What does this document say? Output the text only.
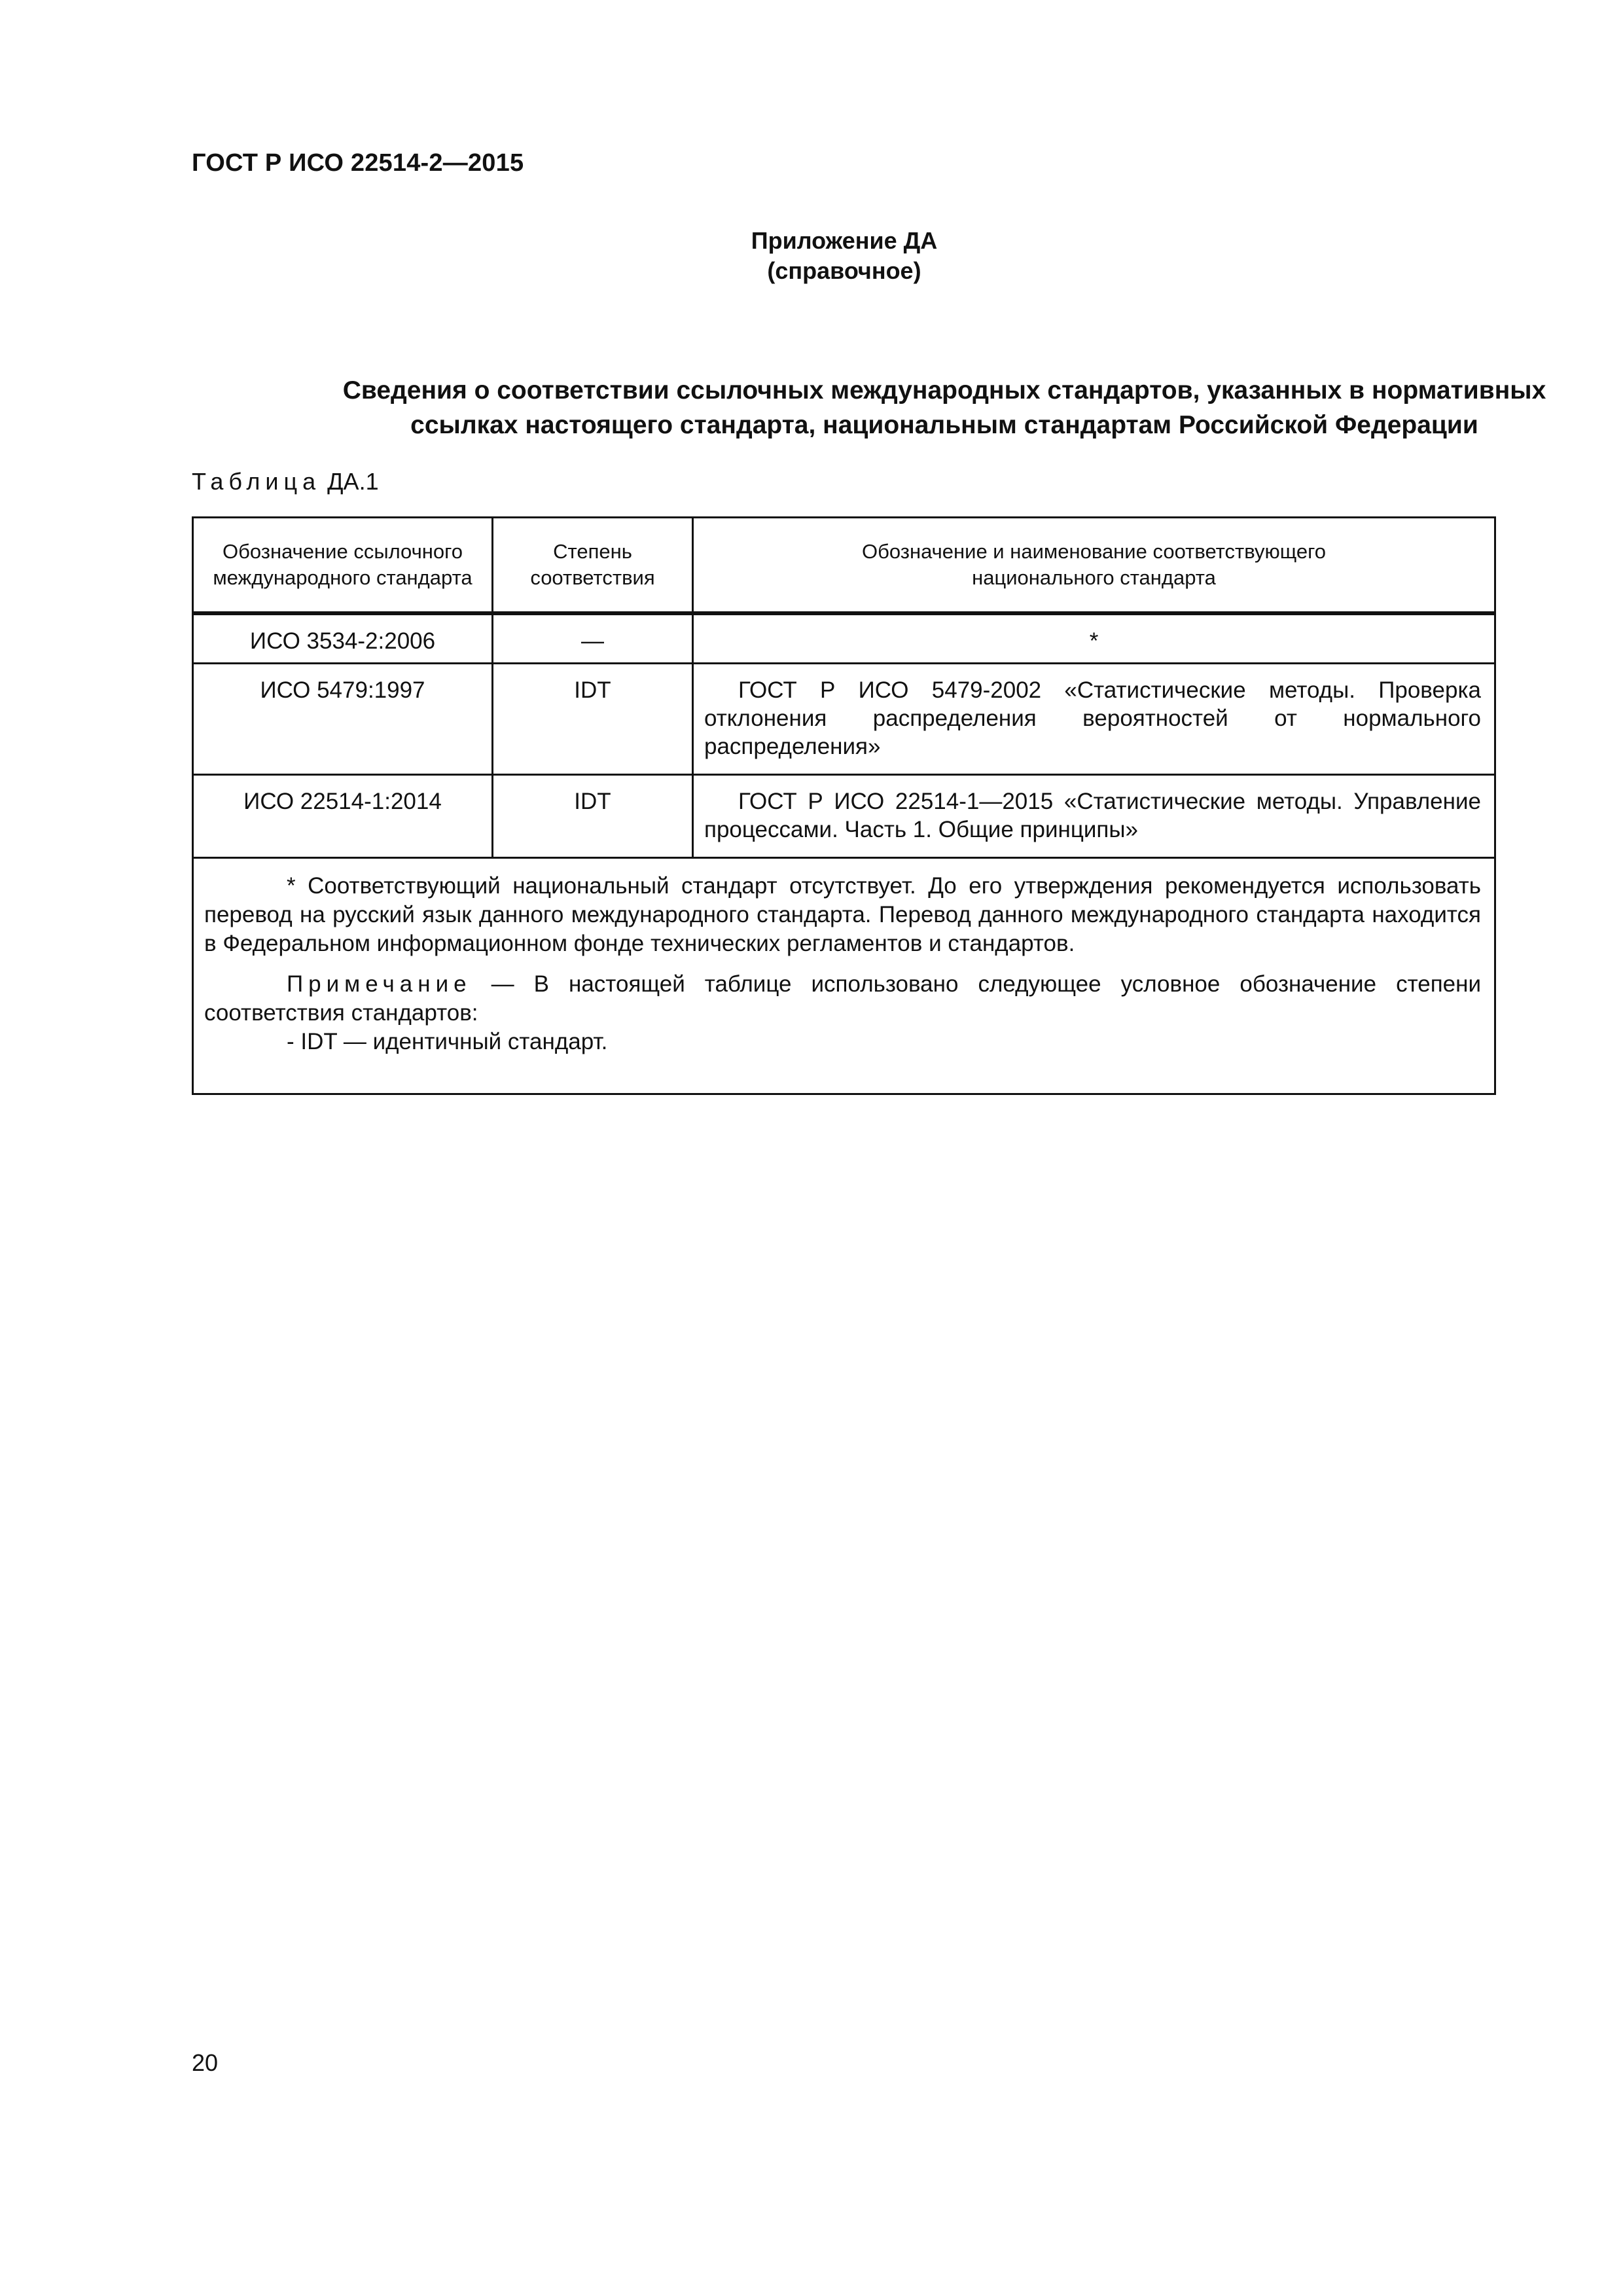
ГОСТ Р ИСО 22514-2—2015
Приложение ДА
(справочное)
Сведения о соответствии ссылочных международных стандартов, указанных в нормативных
ссылках настоящего стандарта, национальным стандартам Российской Федерации
Таблица ДА.1
Обозначение ссылочного международного стандарта	Степень соответствия	Обозначение и наименование соответствующего национального стандарта
ИСО 3534-2:2006	—	*
ИСО 5479:1997	IDT	ГОСТ Р ИСО 5479-2002 «Статистические методы. Проверка отклонения распределения вероятностей от нормального распределения»
ИСО 22514-1:2014	IDT	ГОСТ Р ИСО 22514-1—2015 «Статистические методы. Управление процессами. Часть 1. Общие принципы»

* Соответствующий национальный стандарт отсутствует. До его утверждения рекомендуется использовать перевод на русский язык данного международного стандарта. Перевод данного международного стандарта находится в Федеральном информационном фонде технических регламентов и стандартов.

Примечание — В настоящей таблице использовано следующее условное обозначение степени соответствия стандартов:

- IDT — идентичный стандарт.		

20
